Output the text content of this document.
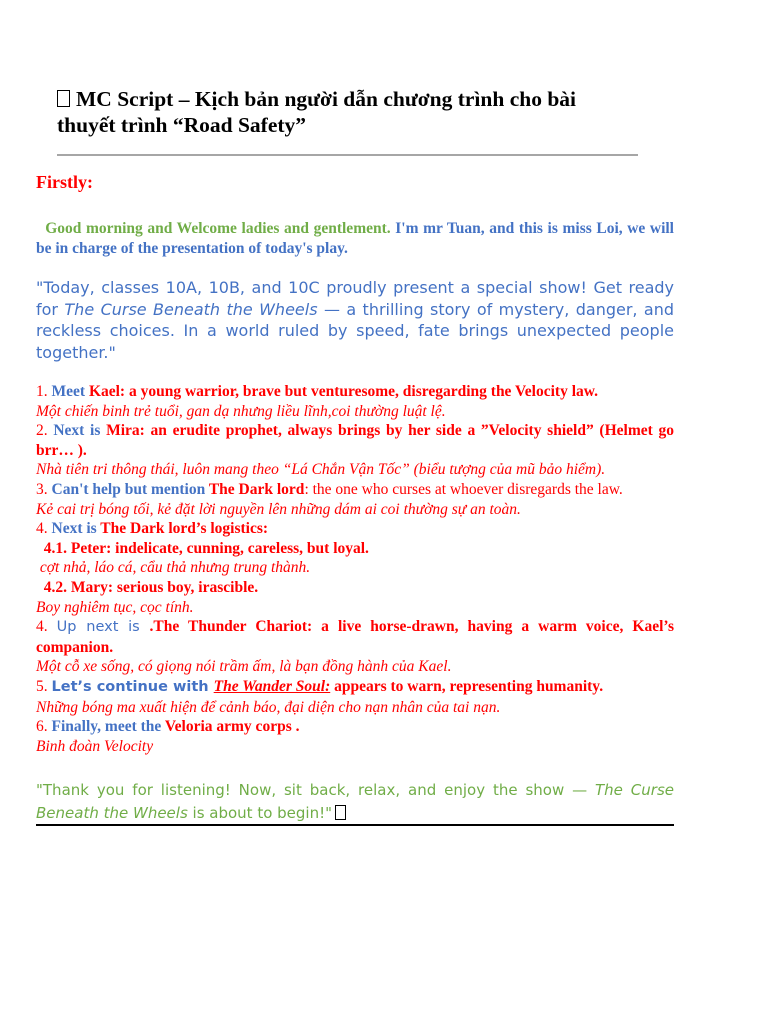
MC Script – Kịch bản người dẫn chương trình cho bài thuyết trình “Road Safety”
Firstly:
Good morning and Welcome ladies and gentlement. I'm mr Tuan, and this is miss Loi, we will be in charge of the presentation of today's play.
"Today, classes 10A, 10B, and 10C proudly present a special show! Get ready for The Curse Beneath the Wheels — a thrilling story of mystery, danger, and reckless choices. In a world ruled by speed, fate brings unexpected people together."

1. Meet Kael: a young warrior, brave but venturesome, disregarding the Velocity law.

Một chiến binh trẻ tuổi, gan dạ nhưng liều lĩnh,coi thường luật lệ.

2. Next is Mira: an erudite prophet, always brings by her side a ”Velocity shield” (Helmet go brr… ).

Nhà tiên tri thông thái, luôn mang theo “Lá Chắn Vận Tốc” (biểu tượng của mũ bảo hiểm).

3. Can't help but mention The Dark lord: the one who curses at whoever disregards the law.

Kẻ cai trị bóng tối, kẻ đặt lời nguyền lên những dám ai coi thường sự an toàn.

4. Next is The Dark lord’s logistics:

4.1. Peter: indelicate, cunning, careless, but loyal.

cợt nhả, láo cá, cẩu thả nhưng trung thành.

4.2. Mary: serious boy, irascible.

Boy nghiêm tục, cọc tính.

4. Up next is .The Thunder Chariot: a live horse-drawn, having a warm voice, Kael’s companion.

Một cỗ xe sống, có giọng nói trầm ấm, là bạn đồng hành của Kael.

5. Let’s continue with The Wander Soul: appears to warn, representing humanity.

Những bóng ma xuất hiện để cảnh báo, đại diện cho nạn nhân của tai nạn.

6. Finally, meet the Veloria army corps .

Binh đoàn Velocity

"Thank you for listening! Now, sit back, relax, and enjoy the show — The Curse Beneath the Wheels is about to begin!"
